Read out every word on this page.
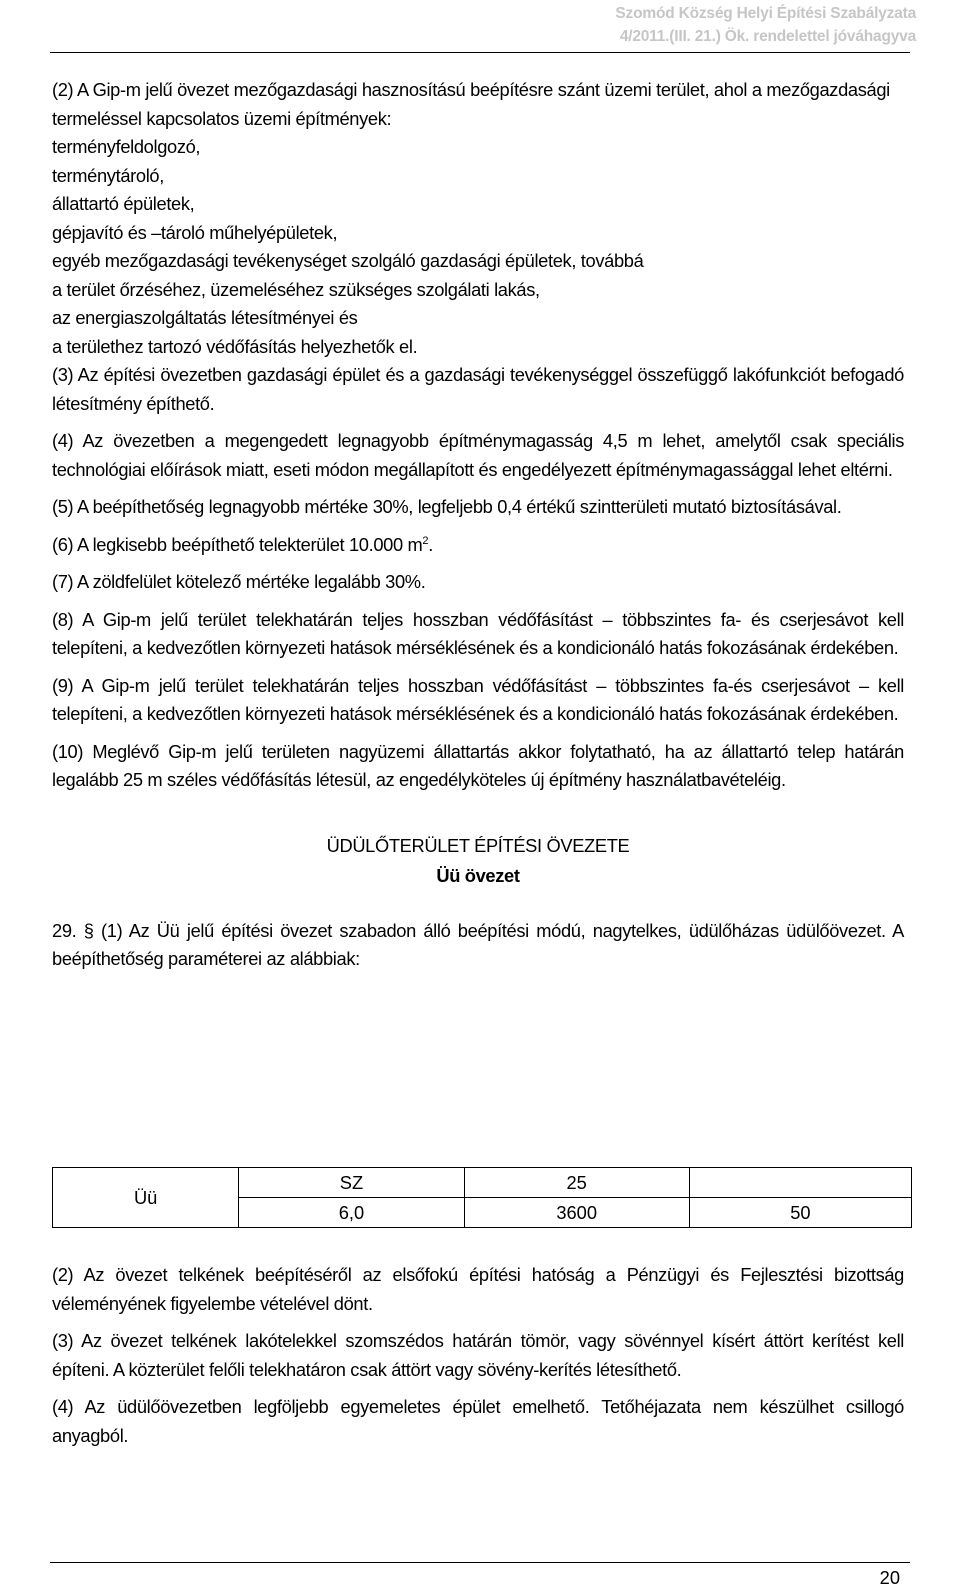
Szomód Község Helyi Építési Szabályzata
4/2011.(III. 21.) Ök. rendelettel jóváhagyva

(2) A Gip-m jelű övezet mezőgazdasági hasznosítású beépítésre szánt üzemi terület, ahol a mezőgazdasági termeléssel kapcsolatos üzemi építmények:

terményfeldolgozó,

terménytároló,

állattartó épületek,

gépjavító és –tároló műhelyépületek,

egyéb mezőgazdasági tevékenységet szolgáló gazdasági épületek, továbbá

a terület őrzéséhez, üzemeléséhez szükséges szolgálati lakás,

az energiaszolgáltatás létesítményei és

a területhez tartozó védőfásítás helyezhetők el.

(3) Az építési övezetben gazdasági épület és a gazdasági tevékenységgel összefüggő lakófunkciót befogadó létesítmény építhető.

(4) Az övezetben a megengedett legnagyobb építménymagasság 4,5 m lehet, amelytől csak speciális technológiai előírások miatt, eseti módon megállapított és engedélyezett építménymagassággal lehet eltérni.

(5) A beépíthetőség legnagyobb mértéke 30%, legfeljebb 0,4 értékű szintterületi mutató biztosításával.

(6) A legkisebb beépíthető telekterület 10.000 $m^2$.

(7) A zöldfelület kötelező mértéke legalább 30%.

(8) A Gip-m jelű terület telekhatárán teljes hosszban védőfásítást – többszintes fa- és cserjesávot kell telepíteni, a kedvezőtlen környezeti hatások mérséklésének és a kondicionáló hatás fokozásának érdekében.

(9) A Gip-m jelű terület telekhatárán teljes hosszban védőfásítást – többszintes fa-és cserjesávot – kell telepíteni, a kedvezőtlen környezeti hatások mérséklésének és a kondicionáló hatás fokozásának érdekében.

(10) Meglévő Gip-m jelű területen nagyüzemi állattartás akkor folytatható, ha az állattartó telep határán legalább 25 m széles védőfásítás létesül, az engedélyköteles új építmény használatbavételéig.

ÜDÜLŐTERÜLET ÉPÍTÉSI ÖVEZETE
Üü övezet

29. § (1) Az Üü jelű építési övezet szabadon álló beépítési módú, nagytelkes, üdülőházas üdülőövezet. A beépíthetőség paraméterei az alábbiak:

Üü	SZ	25	
	6,0	3600	50

(2) Az övezet telkének beépítéséről az elsőfokú építési hatóság a Pénzügyi és Fejlesztési bizottság véleményének figyelembe vételével dönt.

(3) Az övezet telkének lakótelekkel szomszédos határán tömör, vagy sövénnyel kísért áttört kerítést kell építeni. A közterület felőli telekhatáron csak áttört vagy sövény-kerítés létesíthető.

(4) Az üdülőövezetben legföljebb egyemeletes épület emelhető. Tetőhéjazata nem készülhet csillogó anyagból.

20
